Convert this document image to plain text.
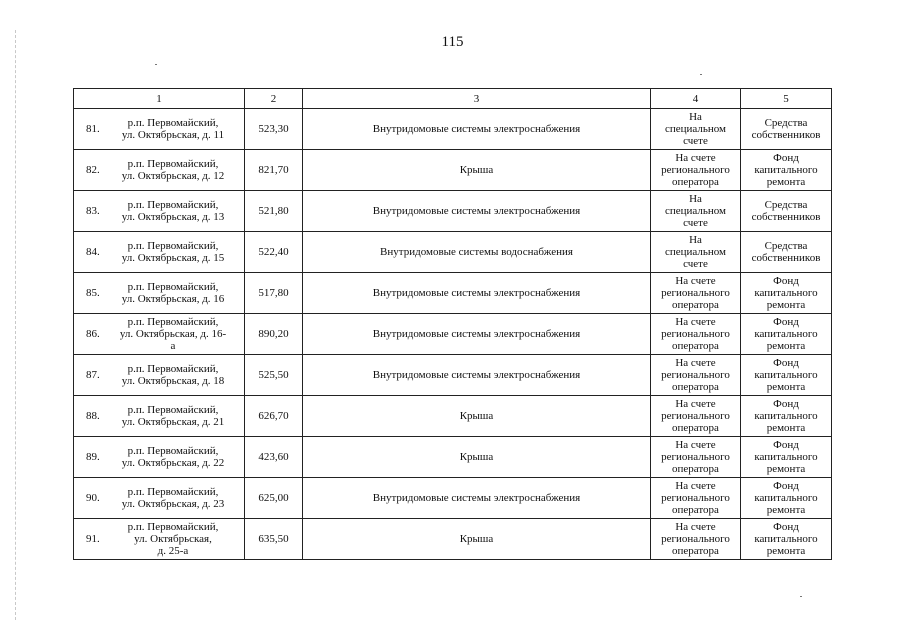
115
1	2	3	4	5

81. р.п. Первомайский,
ул. Октябрьская, д. 11	523,30	Внутридомовые системы электроснабжения	На
специальном
счете	Средства
собственников

82. р.п. Первомайский,
ул. Октябрьская, д. 12	821,70	Крыша	На счете
регионального
оператора	Фонд
капитального
ремонта

83. р.п. Первомайский,
ул. Октябрьская, д. 13	521,80	Внутридомовые системы электроснабжения	На
специальном
счете	Средства
собственников

84. р.п. Первомайский,
ул. Октябрьская, д. 15	522,40	Внутридомовые системы водоснабжения	На
специальном
счете	Средства
собственников

85. р.п. Первомайский,
ул. Октябрьская, д. 16	517,80	Внутридомовые системы электроснабжения	На счете
регионального
оператора	Фонд
капитального
ремонта

86.
р.п. Первомайский,
ул. Октябрьская, д. 16-
а	890,20	Внутридомовые системы электроснабжения	На счете
регионального
оператора	Фонд
капитального
ремонта

87. р.п. Первомайский,
ул. Октябрьская, д. 18	525,50	Внутридомовые системы электроснабжения	На счете
регионального
оператора	Фонд
капитального
ремонта

88. р.п. Первомайский,
ул. Октябрьская, д. 21	626,70	Крыша	На счете
регионального
оператора	Фонд
капитального
ремонта

89. р.п. Первомайский,
ул. Октябрьская, д. 22	423,60	Крыша	На счете
регионального
оператора	Фонд
капитального
ремонта

90. р.п. Первомайский,
ул. Октябрьская, д. 23	625,00	Внутридомовые системы электроснабжения	На счете
регионального
оператора	Фонд
капитального
ремонта

91.
р.п. Первомайский,
ул. Октябрьская,
д. 25-а	635,50	Крыша	На счете
регионального
оператора	Фонд
капитального
ремонта
